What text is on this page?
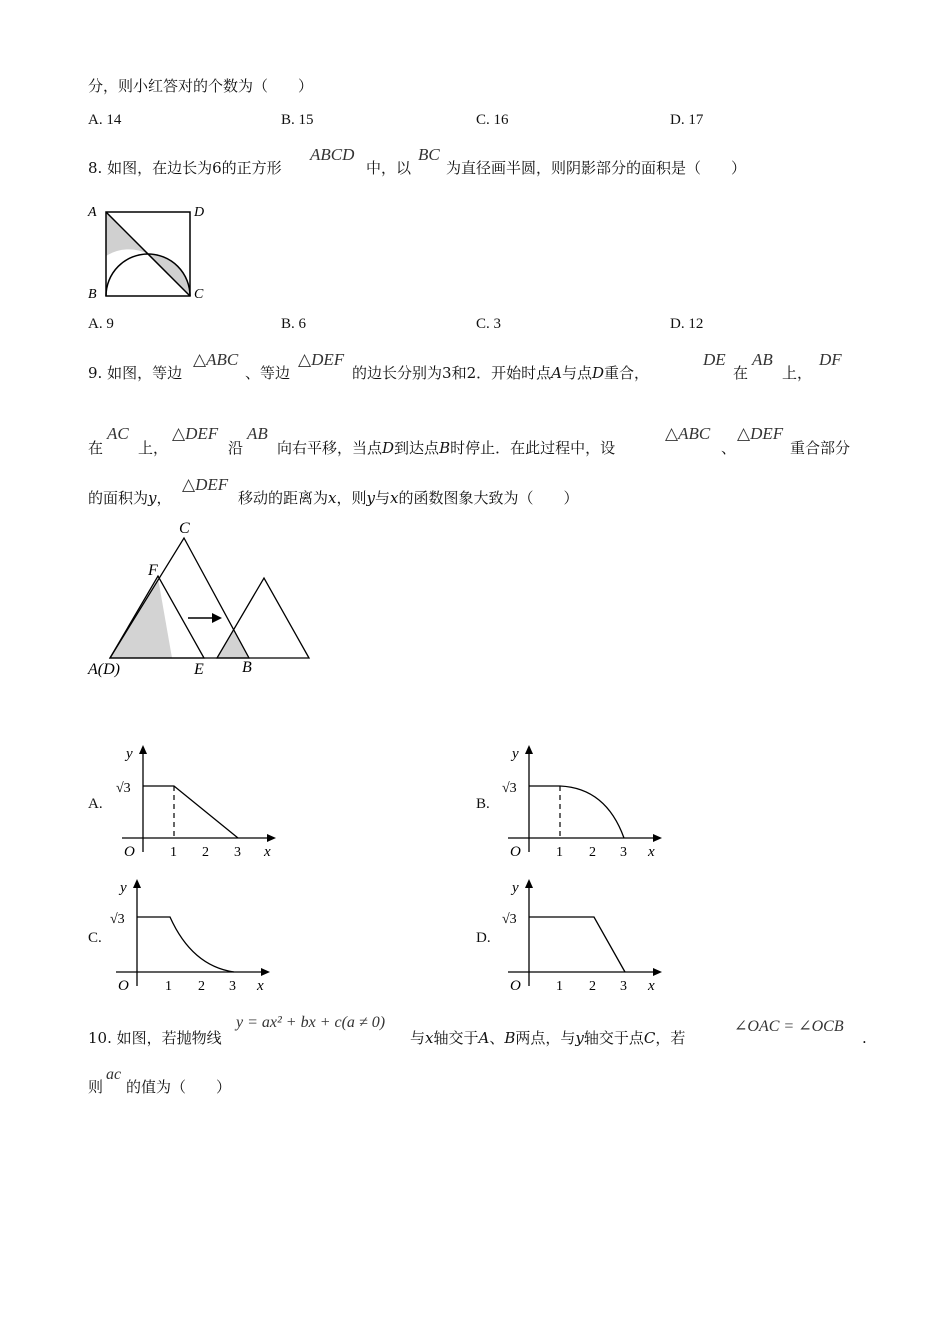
分，则小红答对的个数为（　　）
A. 14	B. 15	C. 16	D. 17
8. 如图，在边长为6的正方形
ABCD
中，以
BC
为直径画半圆，则阴影部分的面积是（　　）
A	D
B	C
A. 9	B. 6	C. 3	D. 12
9. 如图，等边
△ABC
、等边
△DEF
的边长分别为3和2．开始时点A与点D重合，
DE
在
AB
上，
DF
在
AC
上，
△DEF
沿
AB
向右平移，当点D到达点B时停止．在此过程中，设
△ABC
、
△DEF
重合部分
的面积为y，
△DEF
移动的距离为x，则y与x的函数图象大致为（　　）
C
F
A(D)	E B
A.
y
√3
O	1 2 3 x
B.
y
√3
O	1 2 3 x
C.
y
√3
O	1 2 3 x
D.
y
√3
O	1 2 3 x
10. 如图，若抛物线
y = ax² + bx + c(a ≠ 0)
与x轴交于A、B两点，与y轴交于点C，若
∠OAC = ∠OCB
.
则
ac
的值为（　　）
